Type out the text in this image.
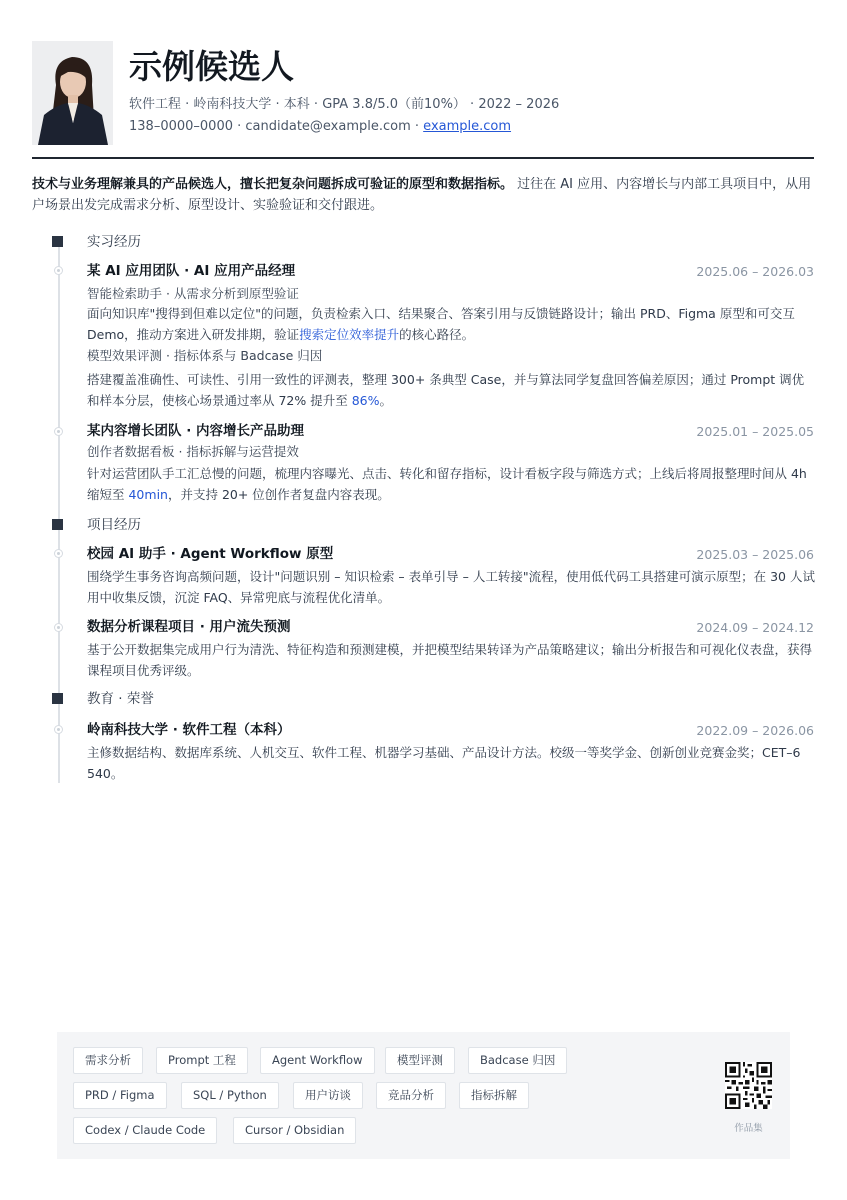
示例候选人
软件工程 · 岭南科技大学 · 本科 · GPA 3.8/5.0（前10%） · 2022 – 2026
138–0000–0000 · candidate@example.com · example.com
技术与业务理解兼具的产品候选人，擅长把复杂问题拆成可验证的原型和数据指标。 过往在 AI 应用、内容增长与内部工具项目中，从用户场景出发完成需求分析、原型设计、实验验证和交付跟进。
实习经历
某 AI 应用团队 · AI 应用产品经理	2025.06 – 2026.03
智能检索助手 · 从需求分析到原型验证
面向知识库"搜得到但难以定位"的问题，负责检索入口、结果聚合、答案引用与反馈链路设计；输出 PRD、Figma 原型和可交互 Demo，推动方案进入研发排期，验证搜索定位效率提升的核心路径。
模型效果评测 · 指标体系与 Badcase 归因
搭建覆盖准确性、可读性、引用一致性的评测表，整理 300+ 条典型 Case，并与算法同学复盘回答偏差原因；通过 Prompt 调优和样本分层，使核心场景通过率从 72% 提升至 86%。
某内容增长团队 · 内容增长产品助理	2025.01 – 2025.05
创作者数据看板 · 指标拆解与运营提效
针对运营团队手工汇总慢的问题，梳理内容曝光、点击、转化和留存指标，设计看板字段与筛选方式；上线后将周报整理时间从 4h 缩短至 40min，并支持 20+ 位创作者复盘内容表现。
项目经历
校园 AI 助手 · Agent Workflow 原型	2025.03 – 2025.06
围绕学生事务咨询高频问题，设计"问题识别 – 知识检索 – 表单引导 – 人工转接"流程，使用低代码工具搭建可演示原型；在 30 人试用中收集反馈，沉淀 FAQ、异常兜底与流程优化清单。
数据分析课程项目 · 用户流失预测	2024.09 – 2024.12
基于公开数据集完成用户行为清洗、特征构造和预测建模，并把模型结果转译为产品策略建议；输出分析报告和可视化仪表盘，获得课程项目优秀评级。
教育 · 荣誉
岭南科技大学 · 软件工程（本科）	2022.09 – 2026.06
主修数据结构、数据库系统、人机交互、软件工程、机器学习基础、产品设计方法。校级一等奖学金、创新创业竞赛金奖；CET–6 540。
需求分析	Prompt 工程	Agent Workflow	模型评测	Badcase 归因
PRD / Figma	SQL / Python	用户访谈	竞品分析	指标拆解
Codex / Claude Code	Cursor / Obsidian	作品集
